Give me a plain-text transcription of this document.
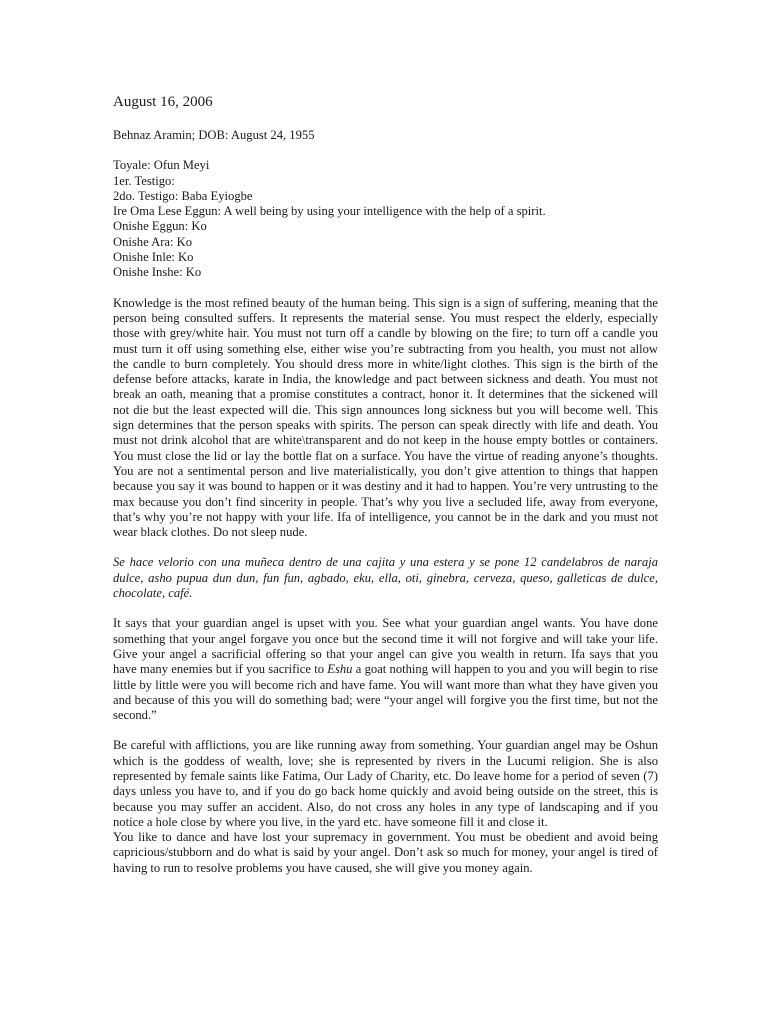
August 16, 2006
Behnaz Aramin; DOB: August 24, 1955
Toyale: Ofun Meyi
1er. Testigo:
2do. Testigo: Baba Eyiogbe
Ire Oma Lese Eggun: A well being by using your intelligence with the help of a spirit.
Onishe Eggun: Ko
Onishe Ara: Ko
Onishe Inle: Ko
Onishe Inshe: Ko

Knowledge is the most refined beauty of the human being. This sign is a sign of suffering, meaning that the person being consulted suffers. It represents the material sense. You must respect the elderly, especially those with grey/white hair. You must not turn off a candle by blowing on the fire; to turn off a candle you must turn it off using something else, either wise you’re subtracting from you health, you must not allow the candle to burn completely. You should dress more in white/light clothes. This sign is the birth of the defense before attacks, karate in India, the knowledge and pact between sickness and death. You must not break an oath, meaning that a promise constitutes a contract, honor it. It determines that the sickened will not die but the least expected will die. This sign announces long sickness but you will become well. This sign determines that the person speaks with spirits. The person can speak directly with life and death. You must not drink alcohol that are white\transparent and do not keep in the house empty bottles or containers. You must close the lid or lay the bottle flat on a surface. You have the virtue of reading anyone’s thoughts. You are not a sentimental person and live materialistically, you don’t give attention to things that happen because you say it was bound to happen or it was destiny and it had to happen. You’re very untrusting to the max because you don’t find sincerity in people. That’s why you live a secluded life, away from everyone, that’s why you’re not happy with your life. Ifa of intelligence, you cannot be in the dark and you must not wear black clothes. Do not sleep nude.

Se hace velorio con una muñeca dentro de una cajita y una estera y se pone 12 candelabros de naraja dulce, asho pupua dun dun, fun fun, agbado, eku, ella, oti, ginebra, cerveza, queso, galleticas de dulce, chocolate, café.

It says that your guardian angel is upset with you. See what your guardian angel wants. You have done something that your angel forgave you once but the second time it will not forgive and will take your life. Give your angel a sacrificial offering so that your angel can give you wealth in return. Ifa says that you have many enemies but if you sacrifice to Eshu a goat nothing will happen to you and you will begin to rise little by little were you will become rich and have fame. You will want more than what they have given you and because of this you will do something bad; were “your angel will forgive you the first time, but not the second.”

Be careful with afflictions, you are like running away from something. Your guardian angel may be Oshun which is the goddess of wealth, love; she is represented by rivers in the Lucumi religion. She is also represented by female saints like Fatima, Our Lady of Charity, etc. Do leave home for a period of seven (7) days unless you have to, and if you do go back home quickly and avoid being outside on the street, this is because you may suffer an accident. Also, do not cross any holes in any type of landscaping and if you notice a hole close by where you live, in the yard etc. have someone fill it and close it.

You like to dance and have lost your supremacy in government. You must be obedient and avoid being capricious/stubborn and do what is said by your angel. Don’t ask so much for money, your angel is tired of having to run to resolve problems you have caused, she will give you money again.
